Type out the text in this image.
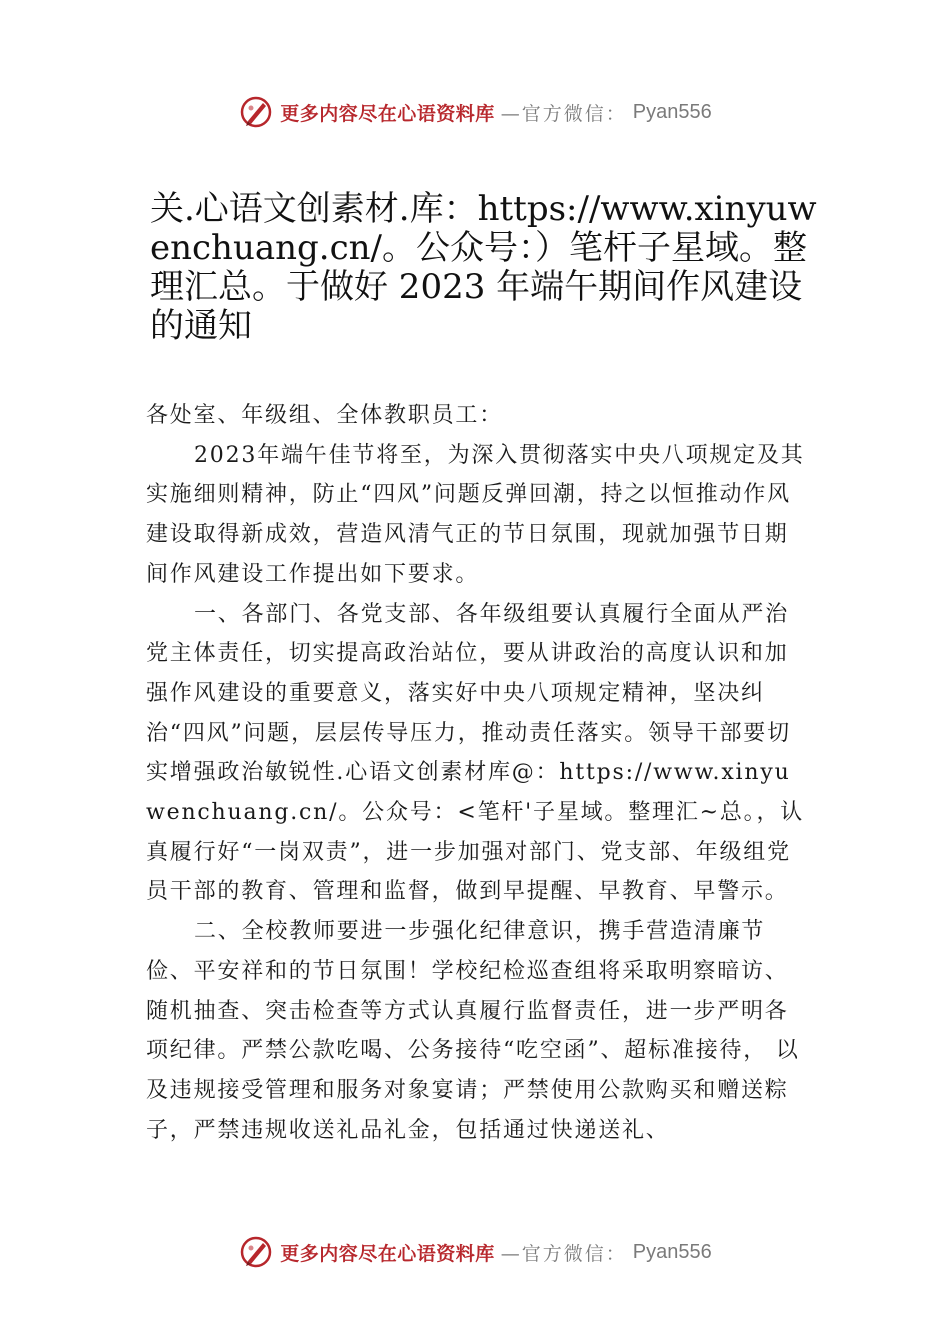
更多内容尽在心语资料库 —官方微信： Pyan556
关.心语文创素材.库：https://www.xinyuwenchuang.cn/。公众号：）笔杆子星域。整理汇总。于做好 2023 年端午期间作风建设的通知

各处室、年级组、全体教职员工：

2023年端午佳节将至，为深入贯彻落实中央八项规定及其实施细则精神，防止“四风”问题反弹回潮，持之以恒推动作风建设取得新成效，营造风清气正的节日氛围，现就加强节日期间作风建设工作提出如下要求。

一、各部门、各党支部、各年级组要认真履行全面从严治党主体责任，切实提高政治站位，要从讲政治的高度认识和加强作风建设的重要意义，落实好中央八项规定精神，坚决纠治“四风”问题，层层传导压力，推动责任落实。领导干部要切实增强政治敏锐性.心语文创素材库@：https://www.xinyuwenchuang.cn/。公众号：<笔杆'子星域。整理汇~总。，认真履行好“一岗双责”，进一步加强对部门、党支部、年级组党员干部的教育、管理和监督，做到早提醒、早教育、早警示。

二、全校教师要进一步强化纪律意识，携手营造清廉节俭、平安祥和的节日氛围！学校纪检巡查组将采取明察暗访、随机抽查、突击检查等方式认真履行监督责任，进一步严明各项纪律。严禁公款吃喝、公务接待“吃空函”、超标准接待， 以及违规接受管理和服务对象宴请；严禁使用公款购买和赠送粽子，严禁违规收送礼品礼金，包括通过快递送礼、

更多内容尽在心语资料库 —官方微信： Pyan556
